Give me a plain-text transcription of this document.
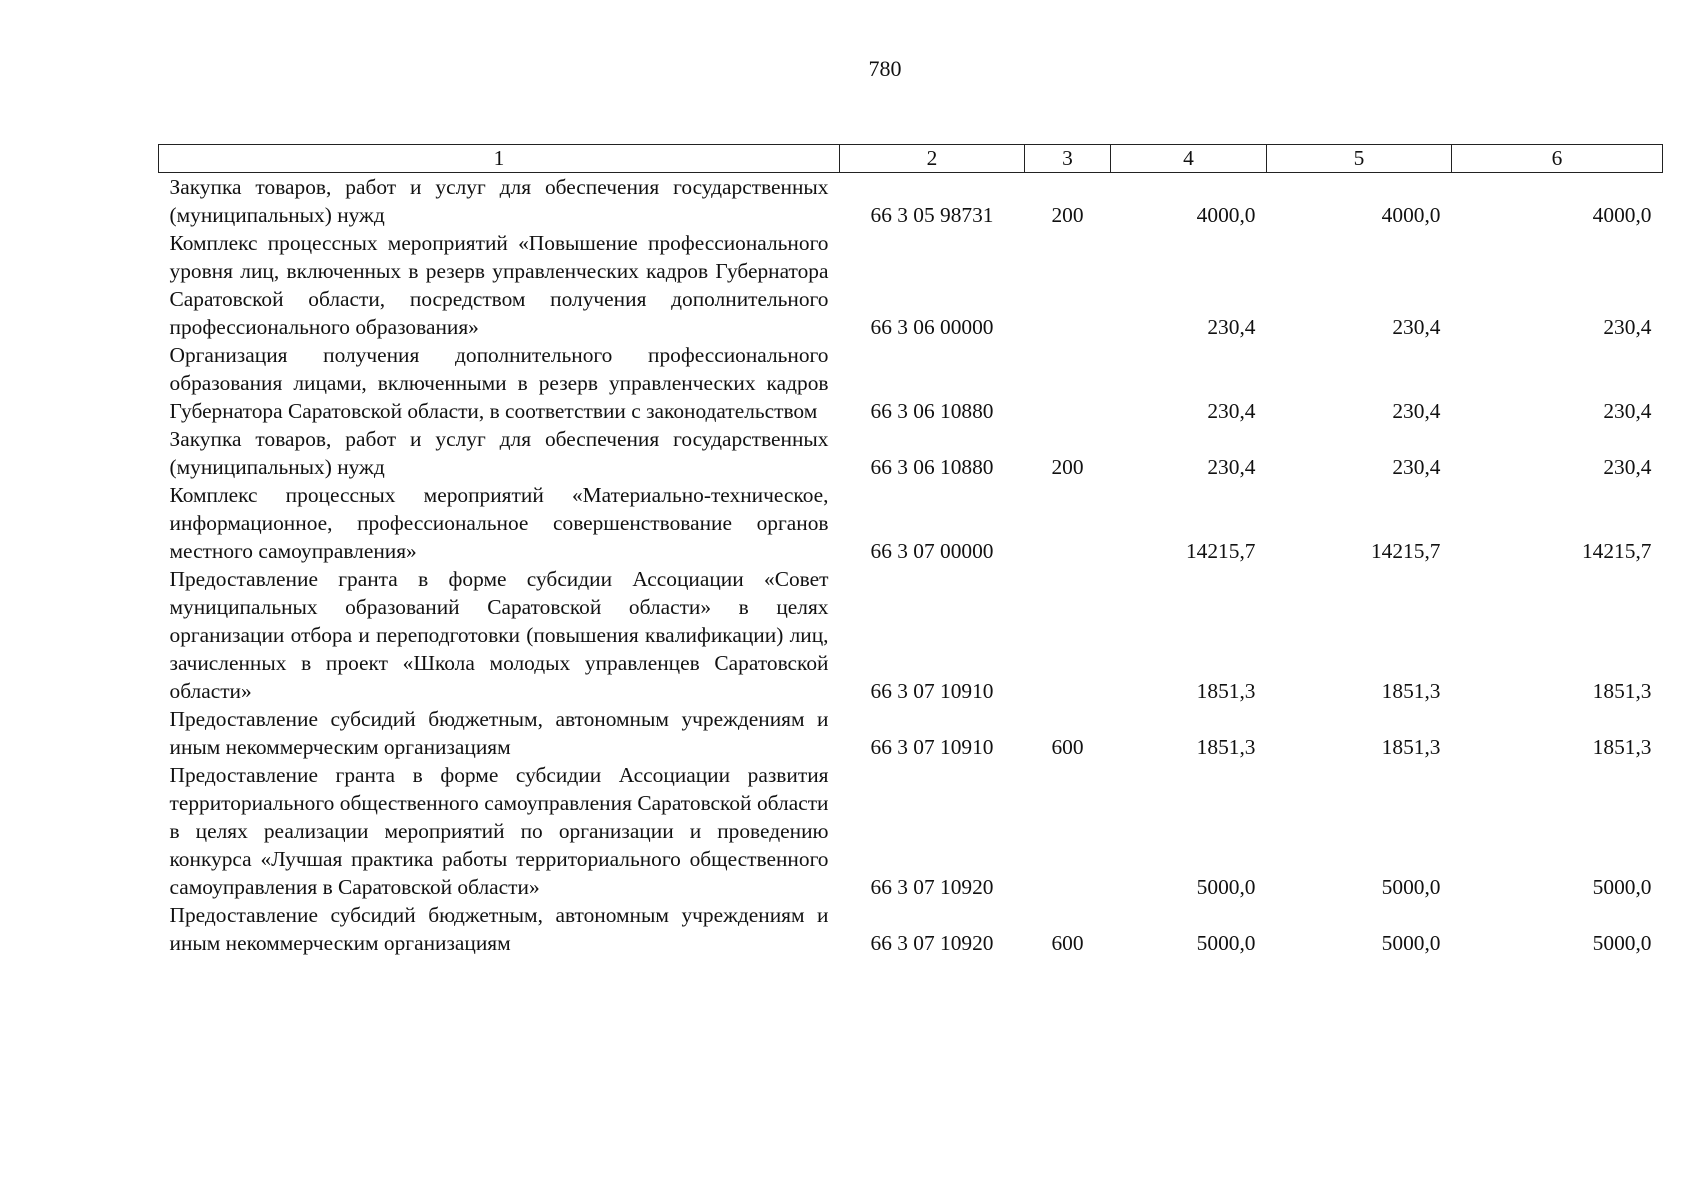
780
1	2	3	4	5	6
Закупка товаров, работ и услуг для обеспечения государственных (муниципальных) нужд	66 3 05 98731	200	4000,0	4000,0	4000,0
Комплекс процессных мероприятий «Повышение профессионального уровня лиц, включенных в резерв управленческих кадров Губернатора Саратовской области, посредством получения дополнительного профессионального образования»	66 3 06 00000		230,4	230,4	230,4
Организация получения дополнительного профессионального образования лицами, включенными в резерв управленческих кадров Губернатора Саратовской области, в соответствии с законодательством	66 3 06 10880		230,4	230,4	230,4
Закупка товаров, работ и услуг для обеспечения государственных (муниципальных) нужд	66 3 06 10880	200	230,4	230,4	230,4
Комплекс процессных мероприятий «Материально-техническое, информационное, профессиональное совершенствование органов местного самоуправления»	66 3 07 00000		14215,7	14215,7	14215,7
Предоставление гранта в форме субсидии Ассоциации «Совет муниципальных образований Саратовской области» в целях организации отбора и переподготовки (повышения квалификации) лиц, зачисленных в проект «Школа молодых управленцев Саратовской области»	66 3 07 10910		1851,3	1851,3	1851,3
Предоставление субсидий бюджетным, автономным учреждениям и иным некоммерческим организациям	66 3 07 10910	600	1851,3	1851,3	1851,3
Предоставление гранта в форме субсидии Ассоциации развития территориального общественного самоуправления Саратовской области в целях реализации мероприятий по организации и проведению конкурса «Лучшая практика работы территориального общественного самоуправления в Саратовской области»	66 3 07 10920		5000,0	5000,0	5000,0
Предоставление субсидий бюджетным, автономным учреждениям и иным некоммерческим организациям	66 3 07 10920	600	5000,0	5000,0	5000,0
